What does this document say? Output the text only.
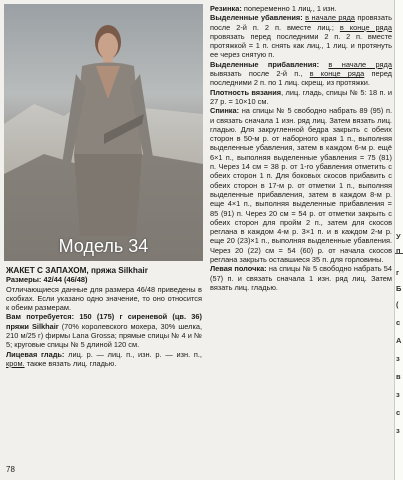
Модель 34

ЖАКЕТ С ЗАПАХОМ, пряжа Silkhair

Размеры: 42/44 (46/48)

Отличающиеся данные для размера 46/48 приведены в скобках. Если указано одно значение, то оно относится к обеим размерам.

Вам потребуется: 150 (175) г сиреневой (цв. 36) пряжи Silkhair (70% королевского мохера, 30% шелка, 210 м/25 г) фирмы Lana Grossa; прямые спицы № 4 и № 5; круговые спицы № 5 длиной 120 см.

Лицевая гладь: лиц. р. — лиц. п., изн. р. — изн. п., кром. также вязать лиц. гладью.

Резинка: попеременно 1 лиц., 1 изн.

Выделенные убавления: в начале ряда провязать после 2-й п. 2 п. вместе лиц.; в конце ряда провязать перед последними 2 п. 2 п. вместе протяжкой = 1 п. снять как лиц., 1 лиц. и протянуть ее через снятую п.

Выделенные прибавления: в начале ряда вывязать после 2-й п., в конце ряда перед последними 2 п. по 1 лиц. скрещ. из протяжки.

Плотность вязания, лиц. гладь, спицы № 5: 18 п. и 27 р. = 10×10 см.

Спинка: на спицы № 5 свободно набрать 89 (95) п. и связать сначала 1 изн. ряд лиц. Затем вязать лиц. гладью. Для закругленной бедра закрыть с обеих сторон в 50-м р. от наборного края 1 п., выполняя выделенные убавления, затем в каждом 6-м р. ещё 6×1 п., выполняя выделенные убавления = 75 (81) п. Через 14 см = 38 р. от 1-го убавления отметить с обеих сторон 1 п. Для боковых скосов прибавить с обеих сторон в 17-м р. от отметки 1 п., выполняя выделенные прибавления, затем в каждом 8-м р. еще 4×1 п., выполняя выделенные прибавления = 85 (91) п. Через 20 см = 54 р. от отметки закрыть с обеих сторон для пройм 2 п., затем для скосов реглана в каждом 4-м р. 3×1 п. и в каждом 2-м р. еще 20 (23)×1 п., выполняя выделенные убавления. Через 20 (22) см = 54 (60) р. от начала скосов реглана закрыть оставшиеся 35 п. для горловины.

Левая полочка: на спицы № 5 свободно набрать 54 (57) п. и связать сначала 1 изн. ряд лиц. Затем вязать лиц. гладью.

78
У
п
г
Б
(
с
А
з
в
з
с
з
